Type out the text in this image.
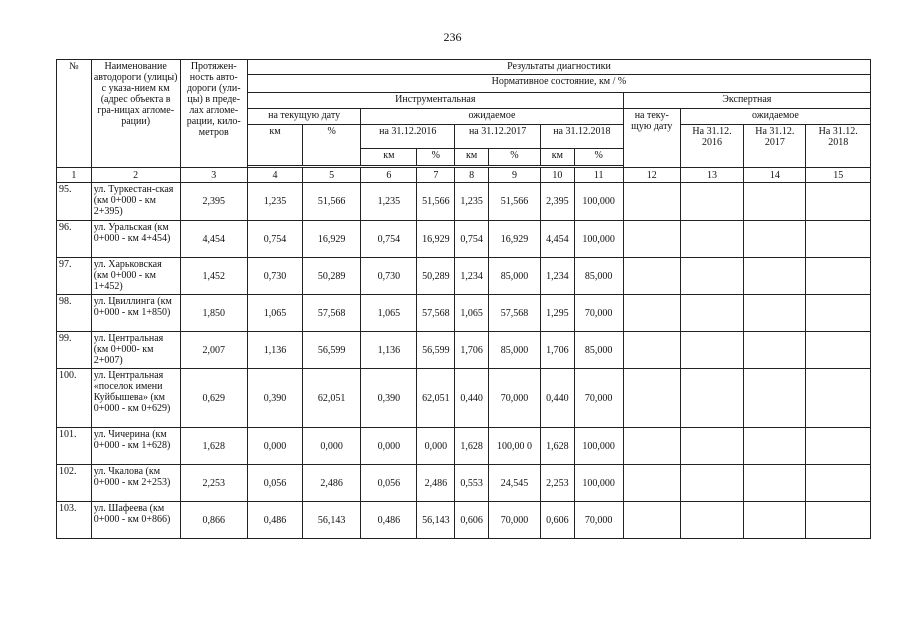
236
№	Наименование автодороги (улицы) с указа-нием км (адрес объекта в гра-ницах агломе-рации)	Протяжен-ность авто-дороги (ули-цы) в преде-лах агломе-рации, кило-метров	Результаты диагностики											
			Нормативное состояние, км / %											
			Инструментальная								Экспертная			
			на текущую дату		ожидаемое						на теку-щую дату	ожидаемое		
			км	%	на 31.12.2016		на 31.12.2017		на 31.12.2018			На 31.12. 2016	На 31.12. 2017	На 31.12. 2018
					км	%	км	%	км	%				

1	2	3	4	5	6	7	8	9	10	11	12	13	14	15
95.	ул. Туркестан-ская (км 0+000 - км 2+395)	2,395	1,235	51,566	1,235	51,566	1,235	51,566	2,395	100,000				
96.	ул. Уральская (км 0+000 - км 4+454)	4,454	0,754	16,929	0,754	16,929	0,754	16,929	4,454	100,000				
97.	ул. Харьковская (км 0+000 - км 1+452)	1,452	0,730	50,289	0,730	50,289	1,234	85,000	1,234	85,000				
98.	ул. Цвиллинга (км 0+000 - км 1+850)	1,850	1,065	57,568	1,065	57,568	1,065	57,568	1,295	70,000				
99.	ул. Центральная (км 0+000- км 2+007)	2,007	1,136	56,599	1,136	56,599	1,706	85,000	1,706	85,000				
100.	ул. Центральная «поселок имени Куйбышева» (км 0+000 - км 0+629)	0,629	0,390	62,051	0,390	62,051	0,440	70,000	0,440	70,000				
101.	ул. Чичерина (км 0+000 - км 1+628)	1,628	0,000	0,000	0,000	0,000	1,628	100,00 0	1,628	100,000				
102.	ул. Чкалова (км 0+000 - км 2+253)	2,253	0,056	2,486	0,056	2,486	0,553	24,545	2,253	100,000				
103.	ул. Шафеева (км 0+000 - км 0+866)	0,866	0,486	56,143	0,486	56,143	0,606	70,000	0,606	70,000				
